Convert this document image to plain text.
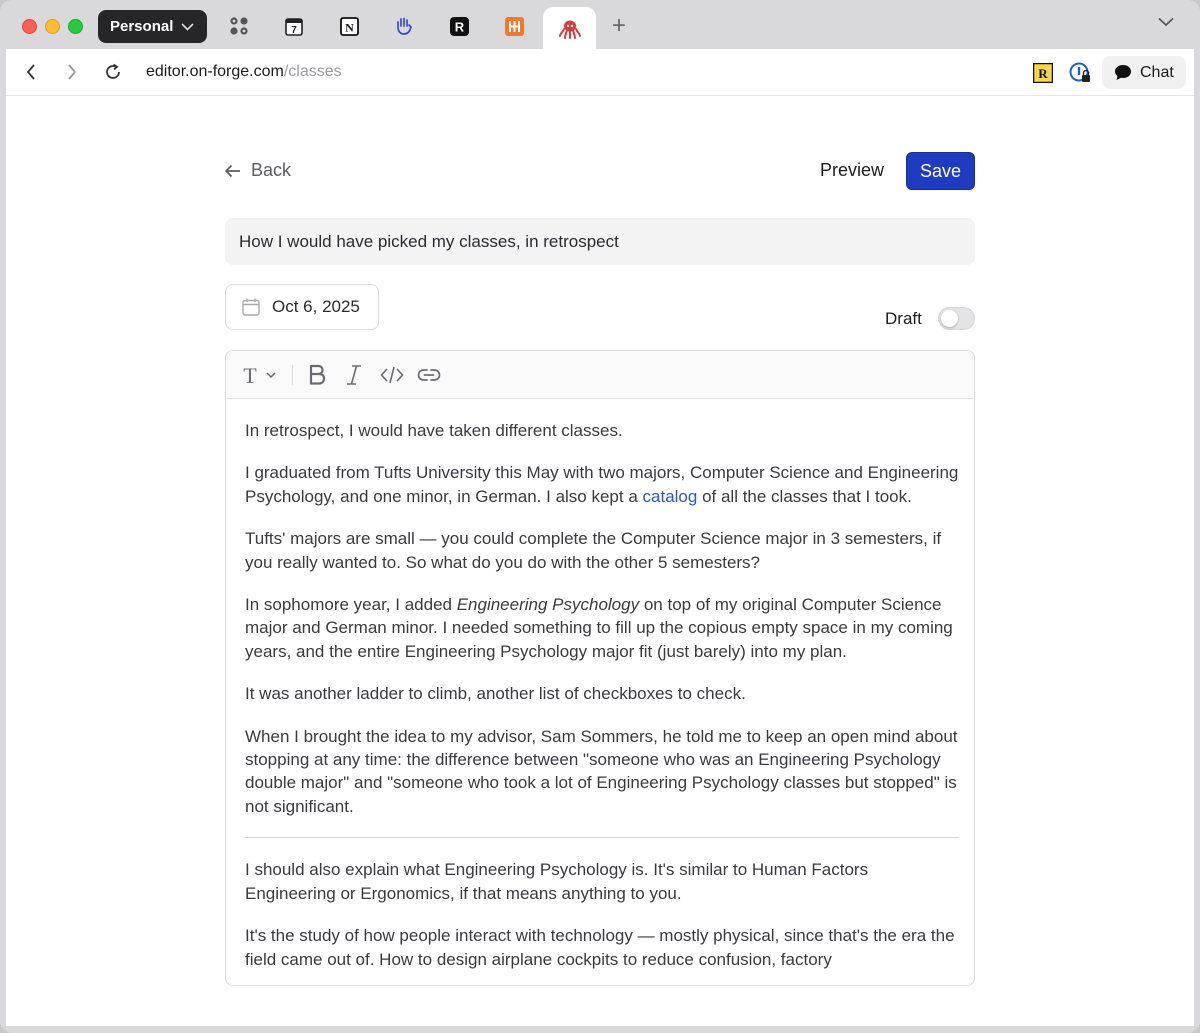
Personal	7	N	R	+
editor.on-forge.com/classes	R	Chat
Back	Preview	Save
How I would have picked my classes, in retrospect
Oct 6, 2025
Draft
T

In retrospect, I would have taken different classes.

I graduated from Tufts University this May with two majors, Computer Science and Engineering Psychology, and one minor, in German. I also kept a catalog of all the classes that I took.

Tufts' majors are small — you could complete the Computer Science major in 3 semesters, if you really wanted to. So what do you do with the other 5 semesters?

In sophomore year, I added Engineering Psychology on top of my original Computer Science major and German minor. I needed something to fill up the copious empty space in my coming years, and the entire Engineering Psychology major fit (just barely) into my plan.

It was another ladder to climb, another list of checkboxes to check.

When I brought the idea to my advisor, Sam Sommers, he told me to keep an open mind about stopping at any time: the difference between "someone who was an Engineering Psychology double major" and "someone who took a lot of Engineering Psychology classes but stopped" is not significant.

I should also explain what Engineering Psychology is. It's similar to Human Factors Engineering or Ergonomics, if that means anything to you.

It's the study of how people interact with technology — mostly physical, since that's the era the field came out of. How to design airplane cockpits to reduce confusion, factory
